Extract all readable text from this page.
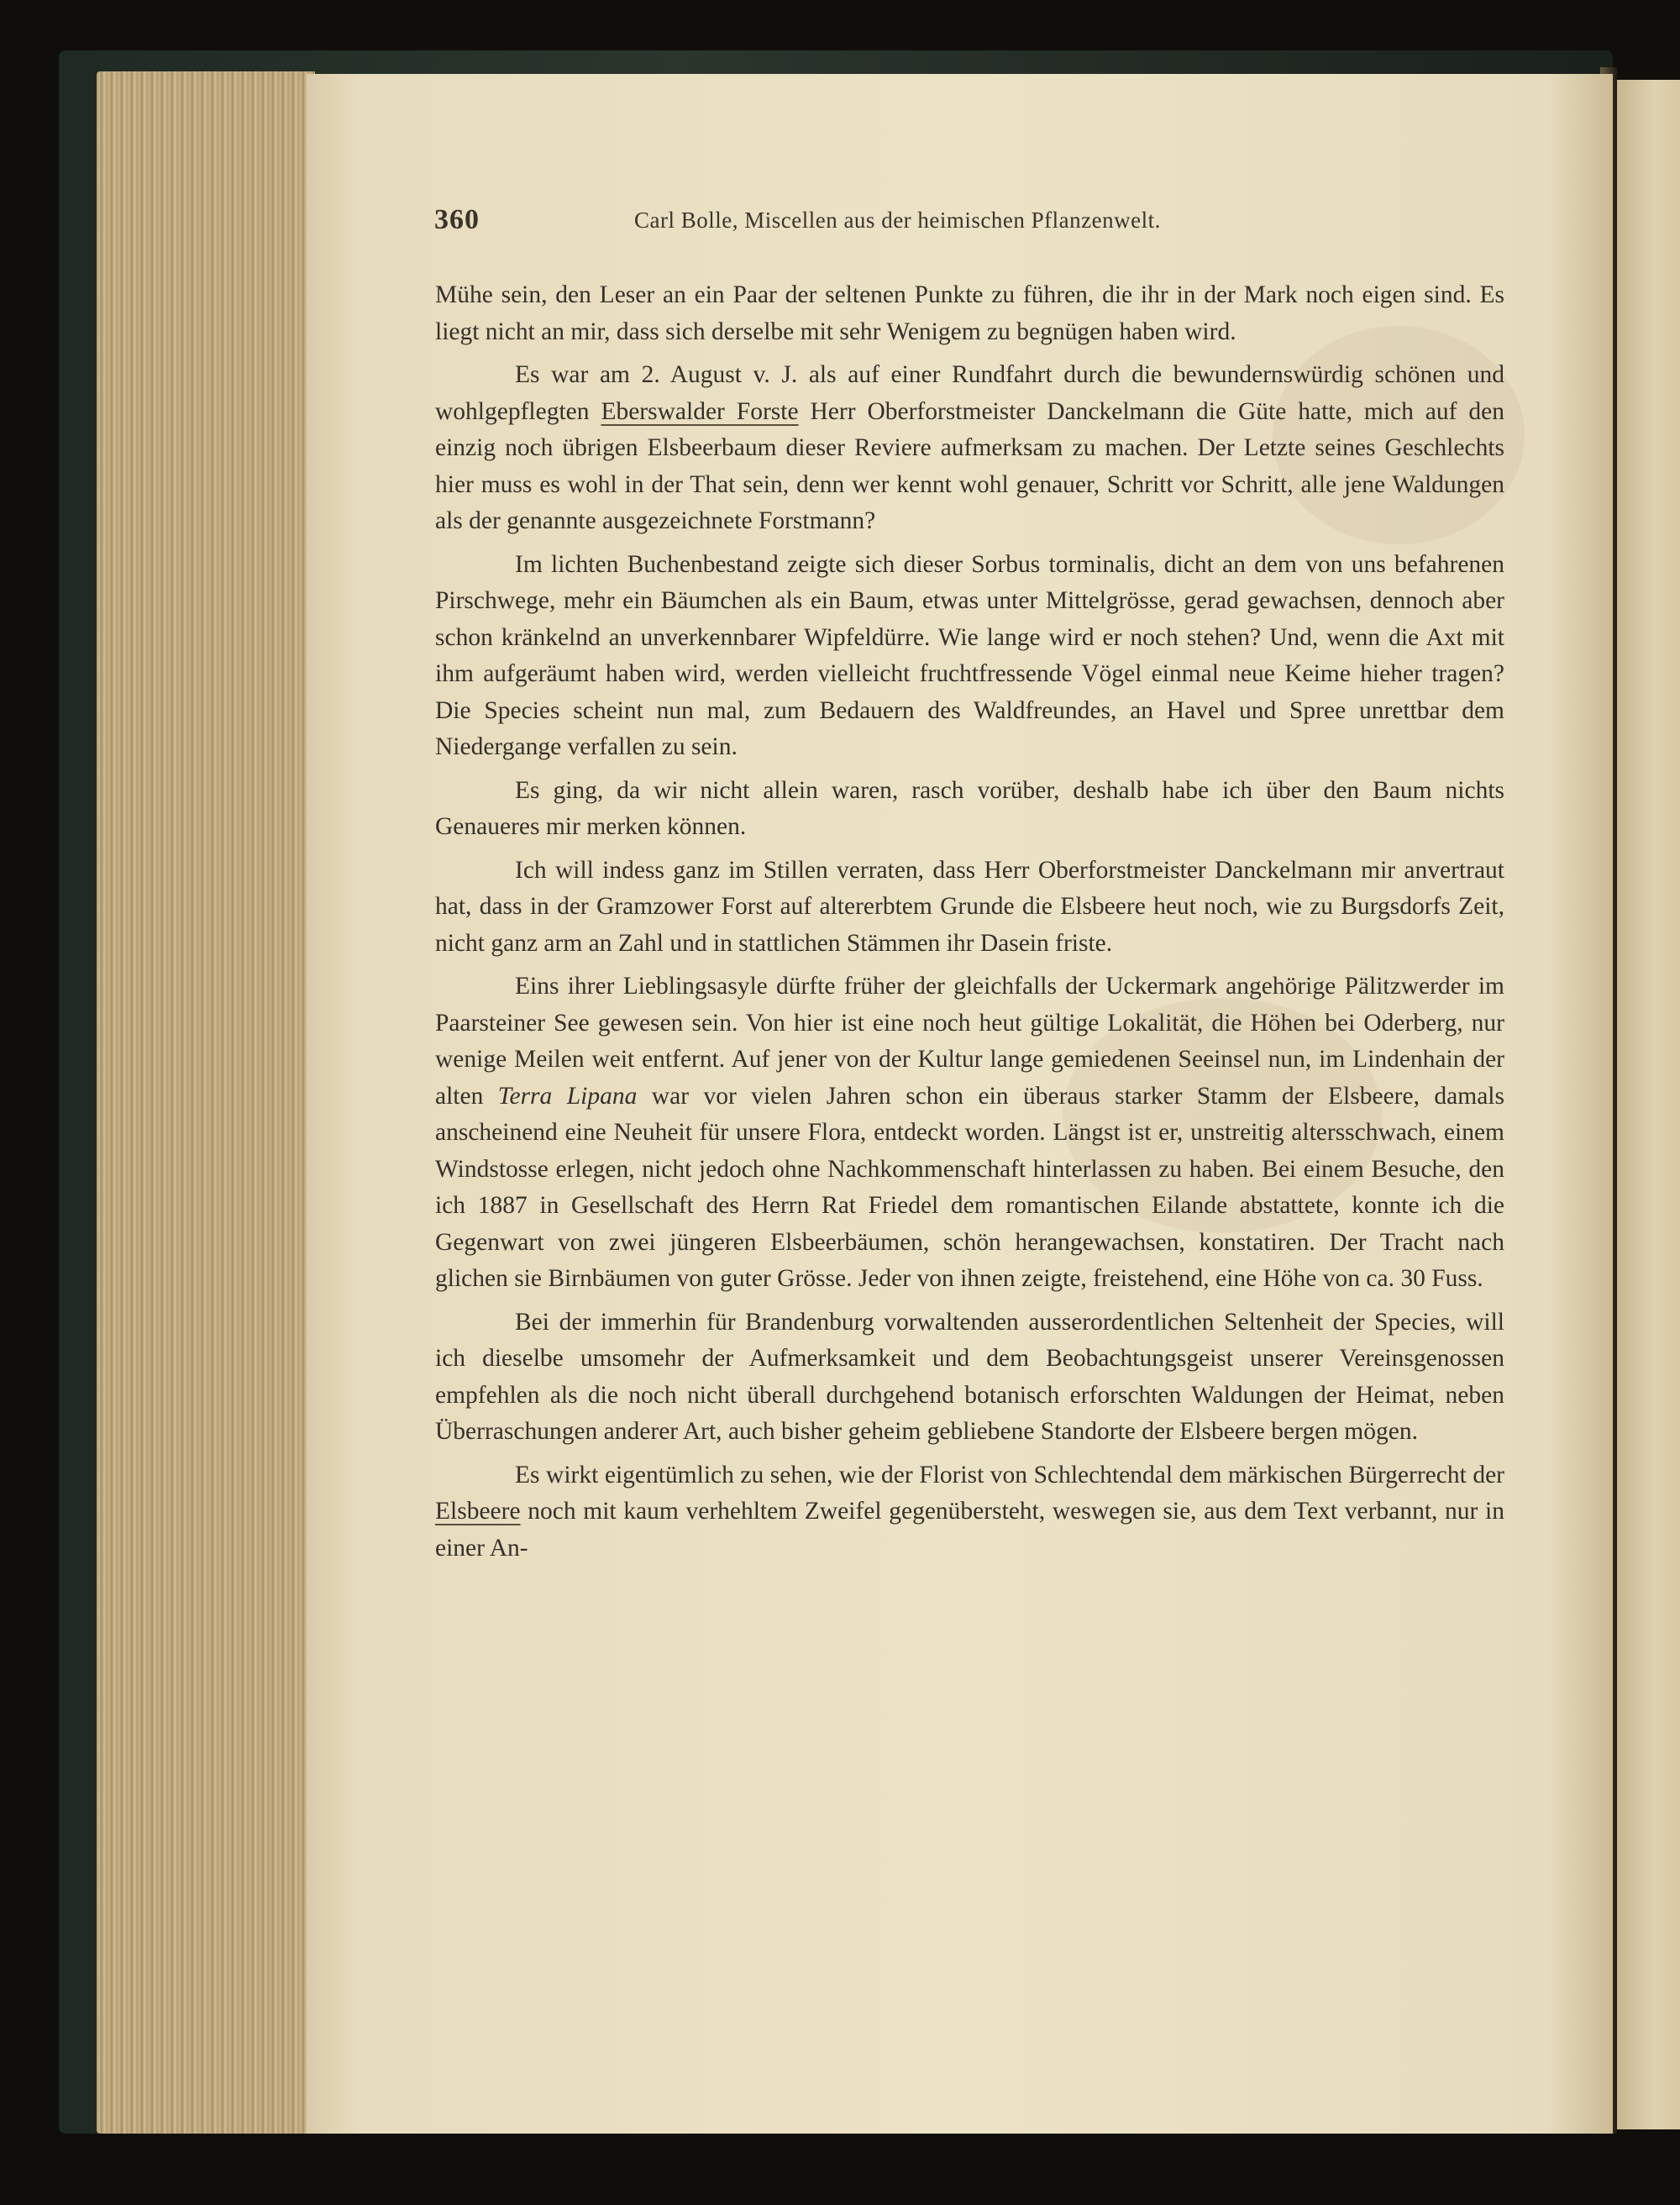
360	Carl Bolle, Miscellen aus der heimischen Pflanzenwelt.

Mühe sein, den Leser an ein Paar der seltenen Punkte zu führen, die ihr in der Mark noch eigen sind. Es liegt nicht an mir, dass sich derselbe mit sehr Wenigem zu begnügen haben wird.

Es war am 2. August v. J. als auf einer Rundfahrt durch die bewundernswürdig schönen und wohlgepflegten Eberswalder Forste Herr Oberforstmeister Danckelmann die Güte hatte, mich auf den einzig noch übrigen Elsbeerbaum dieser Reviere aufmerksam zu machen. Der Letzte seines Geschlechts hier muss es wohl in der That sein, denn wer kennt wohl genauer, Schritt vor Schritt, alle jene Waldungen als der genannte ausgezeichnete Forstmann?

Im lichten Buchenbestand zeigte sich dieser Sorbus torminalis, dicht an dem von uns befahrenen Pirschwege, mehr ein Bäumchen als ein Baum, etwas unter Mittelgrösse, gerad gewachsen, dennoch aber schon kränkelnd an unverkennbarer Wipfeldürre. Wie lange wird er noch stehen? Und, wenn die Axt mit ihm aufgeräumt haben wird, werden vielleicht fruchtfressende Vögel einmal neue Keime hieher tragen? Die Species scheint nun mal, zum Bedauern des Waldfreundes, an Havel und Spree unrettbar dem Niedergange verfallen zu sein.

Es ging, da wir nicht allein waren, rasch vorüber, deshalb habe ich über den Baum nichts Genaueres mir merken können.

Ich will indess ganz im Stillen verraten, dass Herr Oberforstmeister Danckelmann mir anvertraut hat, dass in der Gramzower Forst auf altererbtem Grunde die Elsbeere heut noch, wie zu Burgsdorfs Zeit, nicht ganz arm an Zahl und in stattlichen Stämmen ihr Dasein friste.

Eins ihrer Lieblingsasyle dürfte früher der gleichfalls der Uckermark angehörige Pälitzwerder im Paarsteiner See gewesen sein. Von hier ist eine noch heut gültige Lokalität, die Höhen bei Oderberg, nur wenige Meilen weit entfernt. Auf jener von der Kultur lange gemiedenen Seeinsel nun, im Lindenhain der alten Terra Lipana war vor vielen Jahren schon ein überaus starker Stamm der Elsbeere, damals anscheinend eine Neuheit für unsere Flora, entdeckt worden. Längst ist er, unstreitig altersschwach, einem Windstosse erlegen, nicht jedoch ohne Nachkommenschaft hinterlassen zu haben. Bei einem Besuche, den ich 1887 in Gesellschaft des Herrn Rat Friedel dem romantischen Eilande abstattete, konnte ich die Gegenwart von zwei jüngeren Elsbeerbäumen, schön herangewachsen, konstatiren. Der Tracht nach glichen sie Birnbäumen von guter Grösse. Jeder von ihnen zeigte, freistehend, eine Höhe von ca. 30 Fuss.

Bei der immerhin für Brandenburg vorwaltenden ausserordentlichen Seltenheit der Species, will ich dieselbe umsomehr der Aufmerksamkeit und dem Beobachtungsgeist unserer Vereinsgenossen empfehlen als die noch nicht überall durchgehend botanisch erforschten Waldungen der Heimat, neben Überraschungen anderer Art, auch bisher geheim gebliebene Standorte der Elsbeere bergen mögen.

Es wirkt eigentümlich zu sehen, wie der Florist von Schlechtendal dem märkischen Bürgerrecht der Elsbeere noch mit kaum verhehltem Zweifel gegenübersteht, weswegen sie, aus dem Text verbannt, nur in einer An-
